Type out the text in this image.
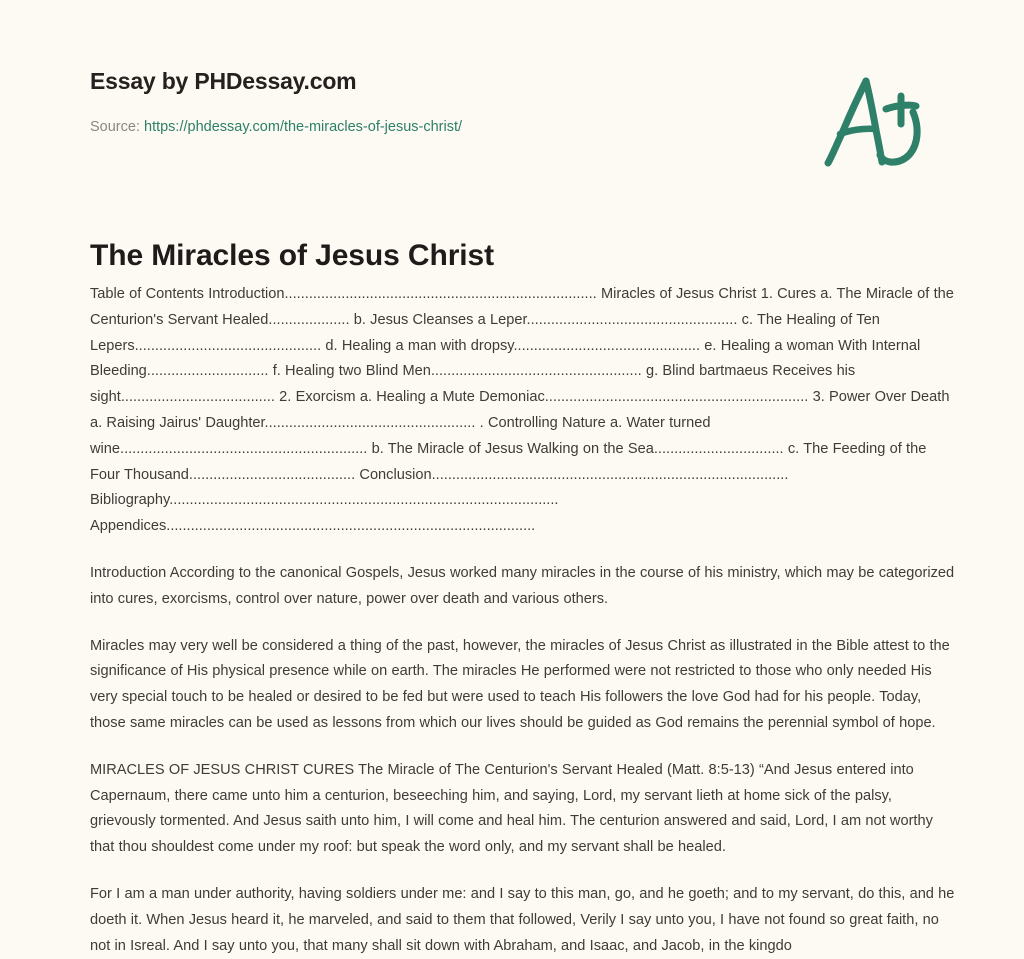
Essay by PHDessay.com
Source: https://phdessay.com/the-miracles-of-jesus-christ/
The Miracles of Jesus Christ

Table of Contents Introduction............................................................................. Miracles of Jesus Christ 1. Cures a. The Miracle of the Centurion's Servant Healed.................... b. Jesus Cleanses a Leper.................................................... c. The Healing of Ten Lepers.............................................. d. Healing a man with dropsy.............................................. e. Healing a woman With Internal Bleeding.............................. f. Healing two Blind Men.................................................... g. Blind bartmaeus Receives his sight...................................... 2. Exorcism a. Healing a Mute Demoniac................................................................. 3. Power Over Death a. Raising Jairus' Daughter.................................................... . Controlling Nature a. Water turned wine............................................................. b. The Miracle of Jesus Walking on the Sea................................ c. The Feeding of the Four Thousand......................................... Conclusion........................................................................................ Bibliography................................................................................................ Appendices...........................................................................................

Introduction According to the canonical Gospels, Jesus worked many miracles in the course of his ministry, which may be categorized into cures, exorcisms, control over nature, power over death and various others.

Miracles may very well be considered a thing of the past, however, the miracles of Jesus Christ as illustrated in the Bible attest to the significance of His physical presence while on earth. The miracles He performed were not restricted to those who only needed His very special touch to be healed or desired to be fed but were used to teach His followers the love God had for his people. Today, those same miracles can be used as lessons from which our lives should be guided as God remains the perennial symbol of hope.

MIRACLES OF JESUS CHRIST CURES The Miracle of The Centurion's Servant Healed (Matt. 8:5-13) “And Jesus entered into Capernaum, there came unto him a centurion, beseeching him, and saying, Lord, my servant lieth at home sick of the palsy, grievously tormented. And Jesus saith unto him, I will come and heal him. The centurion answered and said, Lord, I am not worthy that thou shouldest come under my roof: but speak the word only, and my servant shall be healed.

For I am a man under authority, having soldiers under me: and I say to this man, go, and he goeth; and to my servant, do this, and he doeth it. When Jesus heard it, he marveled, and said to them that followed, Verily I say unto you, I have not found so great faith, no not in Isreal. And I say unto you, that many shall sit down with Abraham, and Isaac, and Jacob, in the kingdo
